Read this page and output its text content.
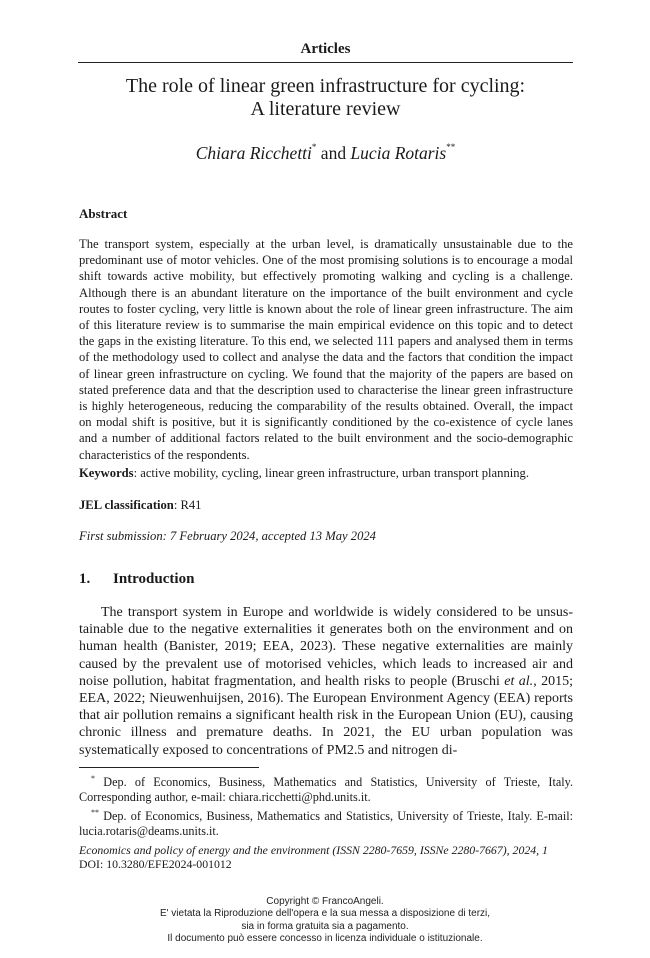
Articles
The role of linear green infrastructure for cycling:
A literature review
Chiara Ricchetti* and Lucia Rotaris**
Abstract
The transport system, especially at the urban level, is dramatically unsustainable due to the predominant use of motor vehicles. One of the most promising solutions is to encourage a modal shift towards active mobility, but effectively promoting walking and cycling is a challenge. Although there is an abundant literature on the importance of the built environment and cycle routes to foster cycling, very little is known about the role of linear green infrastructure. The aim of this literature review is to summarise the main empirical evidence on this topic and to detect the gaps in the existing literature. To this end, we selected 111 papers and analysed them in terms of the methodology used to collect and analyse the data and the factors that condition the impact of linear green infrastructure on cycling. We found that the majority of the papers are based on stated preference data and that the description used to characterise the linear green infrastructure is highly heterogeneous, reducing the comparability of the results obtained. Overall, the impact on modal shift is positive, but it is significantly conditioned by the co-existence of cycle lanes and a number of additional factors related to the built environment and the socio-demographic characteristics of the respondents.
Keywords: active mobility, cycling, linear green infrastructure, urban transport planning.
JEL classification: R41
First submission: 7 February 2024, accepted 13 May 2024
1. Introduction
The transport system in Europe and worldwide is widely considered to be unsustainable due to the negative externalities it generates both on the environment and on human health (Banister, 2019; EEA, 2023). These negative externalities are mainly caused by the prevalent use of motorised vehicles, which leads to increased air and noise pollution, habitat fragmentation, and health risks to people (Bruschi et al., 2015; EEA, 2022; Nieuwenhuijsen, 2016). The European Environment Agency (EEA) reports that air pollution remains a significant health risk in the European Union (EU), causing chronic illness and premature deaths. In 2021, the EU urban population was systematically exposed to concentrations of PM2.5 and nitrogen di-

* Dep. of Economics, Business, Mathematics and Statistics, University of Trieste, Italy. Corresponding author, e-mail: chiara.ricchetti@phd.units.it.

** Dep. of Economics, Business, Mathematics and Statistics, University of Trieste, Italy. E-mail: lucia.rotaris@deams.units.it.

Economics and policy of energy and the environment (ISSN 2280-7659, ISSNe 2280-7667), 2024, 1
DOI: 10.3280/EFE2024-001012
Copyright © FrancoAngeli.
E' vietata la Riproduzione dell'opera e la sua messa a disposizione di terzi,
sia in forma gratuita sia a pagamento.
Il documento può essere concesso in licenza individuale o istituzionale.
